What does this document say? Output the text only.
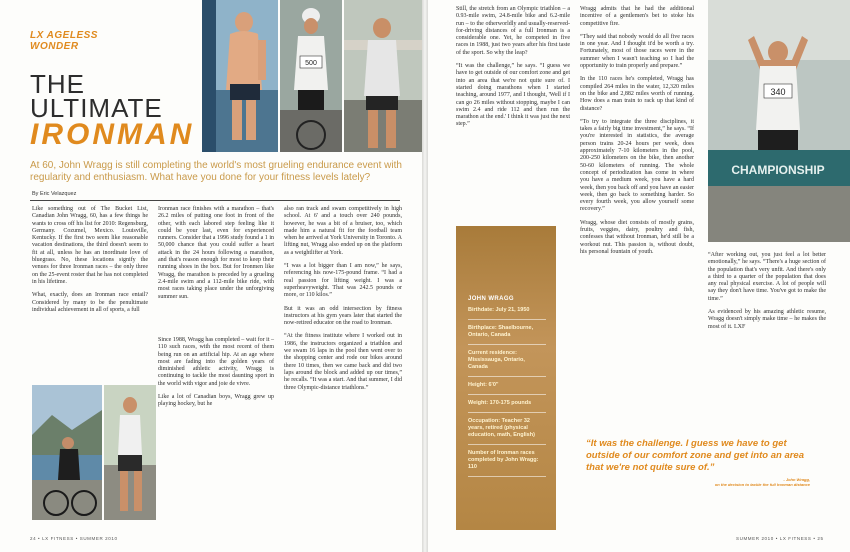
LX AGELESS
WONDER
THE
ULTIMATE
IRONMAN
500
At 60, John Wragg is still completing the world's most grueling endurance event with regularity and enthusiasm. What have you done for your fitness levels lately?
By Eric Velazquez

Like something out of The Bucket List, Canadian John Wragg, 60, has a few things he wants to cross off his list for 2010: Regensburg, Germany. Cozumel, Mexico. Louisville, Kentucky. If the first two seem like reasonable vacation destinations, the third doesn't seem to fit at all, unless he has an inordinate love of bluegrass. No, these locations signify the venues for three Ironman races – the only three on the 25-event roster that he has not completed in his lifetime.

What, exactly, does an Ironman race entail? Considered by many to be the penultimate individual achievement in all of sports, a full

Ironman race finishes with a marathon – that's 26.2 miles of putting one foot in front of the other, with each labored step feeling like it could be your last, even for experienced runners. Consider that a 1996 study found a 1 in 50,000 chance that you could suffer a heart attack in the 24 hours following a marathon, and that's reason enough for most to keep their running shoes in the box. But for Ironmen like Wragg, the marathon is preceded by a grueling 2.4-mile swim and a 112-mile bike ride, with most races taking place under the unforgiving summer sun.

Since 1988, Wragg has completed – wait for it – 110 such races, with the most recent of them being run on an artificial hip. At an age where most are fading into the golden years of diminished athletic activity, Wragg is continuing to tackle the most daunting sport in the world with vigor and joie de vivre.

Like a lot of Canadian boys, Wragg grew up playing hockey, but he

also ran track and swam competitively in high school. At 6' and a touch over 240 pounds, however, he was a bit of a bruiser, too, which made him a natural fit for the football team when he arrived at York University in Toronto. A lifting nut, Wragg also ended up on the platform as a weightlifter at York.

“I was a lot bigger than I am now,” he says, referencing his now-175-pound frame. “I had a real passion for lifting weight. I was a superheavyweight. That was 242.5 pounds or more, or 110 kilos.”

But it was an odd intersection by fitness instructors at his gym years later that started the now-retired educator on the road to Ironman.

“At the fitness institute where I worked out in 1986, the instructors organized a triathlon and we swam 16 laps in the pool then went over to the shopping center and rode our bikes around there 10 times, then we came back and did two laps around the block and added up our times,” he recalls. “It was a start. And that summer, I did three Olympic-distance triathlons.”

24 • LX FITNESS • SUMMER 2010

Still, the stretch from an Olympic triathlon – a 0.93-mile swim, 24.8-mile bike and 6.2-mile run – to the otherworldly and usually-reserved-for-driving distances of a full Ironman is a considerable one. Yet, he competed in five races in 1988, just two years after his first taste of the sport. So why the leap?

“It was the challenge,” he says. “I guess we have to get outside of our comfort zone and get into an area that we're not quite sure of. I started doing marathons when I started teaching, around 1977, and I thought, 'Well if I can go 26 miles without stopping, maybe I can swim 2.4 and ride 112 and then run the marathon at the end.' I think it was just the next step.”

Wragg admits that he had the additional incentive of a gentlemen's bet to stoke his competitive fire.

“They said that nobody would do all five races in one year. And I thought it'd be worth a try. Fortunately, most of those races were in the summer when I wasn't teaching so I had the opportunity to train properly and prepare.”

In the 110 races he's completed, Wragg has compiled 264 miles in the water, 12,320 miles on the bike and 2,882 miles worth of running. How does a man train to rack up that kind of distance?

“To try to integrate the three disciplines, it takes a fairly big time investment,” he says. “If you're interested in statistics, the average person trains 20-24 hours per week, does approximately 7-10 kilometers in the pool, 200-250 kilometers on the bike, then another 50-60 kilometers of running. The whole concept of periodization has come in where you have a medium week, you have a hard week, then you back off and you have an easier week, then go back to something harder. So every fourth week, you allow yourself some recovery.”

Wragg, whose diet consists of mostly grains, fruits, veggies, dairy, poultry and fish, confesses that without Ironman, he'd still be a workout nut. This passion is, without doubt, his personal fountain of youth.

CHAMPIONSHIP
340

“After working out, you just feel a lot better emotionally,” he says. “There's a huge section of the population that's very unfit. And there's only a third to a quarter of the population that does any real physical exercise. A lot of people will say they don't have time. You've got to make the time.”

As evidenced by his amazing athletic resume, Wragg doesn't simply make time – he makes the most of it. LXF

SUMMER 2010 • LX FITNESS • 25
JOHN WRAGG
Birthdate: July 21, 1950
Birthplace: Shaelbourne, Ontario, Canada
Current residence: Mississauga, Ontario, Canada
Height: 6'0"
Weight: 170-175 pounds
Occupation: Teacher 32 years, retired (physical education, math, English)
Number of Ironman races completed by John Wragg: 110
“It was the challenge. I guess we have to get outside of our comfort zone and get into an area that we're not quite sure of.”
- John Wragg,
on the decision to tackle the full Ironman distance
